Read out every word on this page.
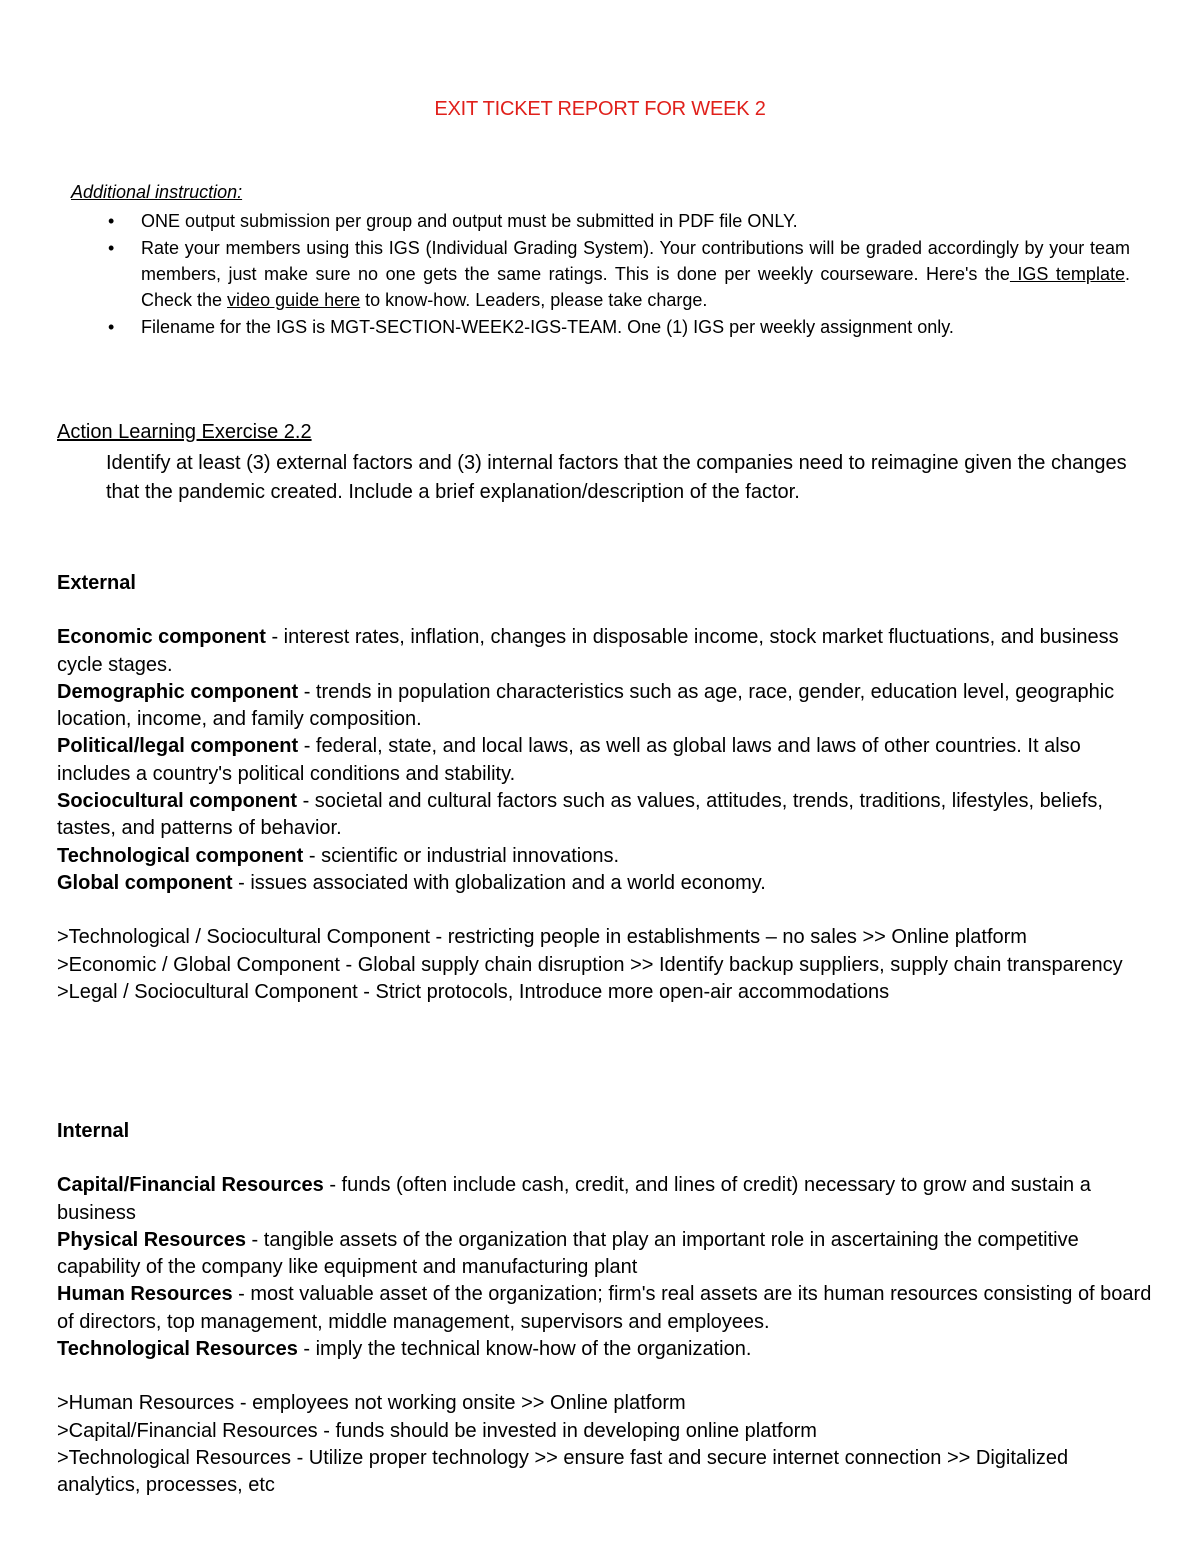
EXIT TICKET REPORT FOR WEEK 2
Additional instruction:
• ONE output submission per group and output must be submitted in PDF file ONLY.
• Rate your members using this IGS (Individual Grading System). Your contributions will be graded accordingly by your team members, just make sure no one gets the same ratings. This is done per weekly courseware. Here's the IGS template. Check the video guide here to know-how. Leaders, please take charge.
• Filename for the IGS is MGT-SECTION-WEEK2-IGS-TEAM. One (1) IGS per weekly assignment only.
Action Learning Exercise 2.2
Identify at least (3) external factors and (3) internal factors that the companies need to reimagine given the changes that the pandemic created. Include a brief explanation/description of the factor.

External

Economic component - interest rates, inflation, changes in disposable income, stock market fluctuations, and business cycle stages.

Demographic component - trends in population characteristics such as age, race, gender, education level, geographic location, income, and family composition.

Political/legal component - federal, state, and local laws, as well as global laws and laws of other countries. It also includes a country's political conditions and stability.

Sociocultural component - societal and cultural factors such as values, attitudes, trends, traditions, lifestyles, beliefs, tastes, and patterns of behavior.

Technological component - scientific or industrial innovations.

Global component - issues associated with globalization and a world economy.

>Technological / Sociocultural Component - restricting people in establishments – no sales >> Online platform

>Economic / Global Component - Global supply chain disruption >> Identify backup suppliers, supply chain transparency

>Legal / Sociocultural Component - Strict protocols, Introduce more open-air accommodations

Internal

Capital/Financial Resources - funds (often include cash, credit, and lines of credit) necessary to grow and sustain a business

Physical Resources - tangible assets of the organization that play an important role in ascertaining the competitive capability of the company like equipment and manufacturing plant

Human Resources - most valuable asset of the organization; firm's real assets are its human resources consisting of board of directors, top management, middle management, supervisors and employees.

Technological Resources - imply the technical know-how of the organization.

>Human Resources - employees not working onsite >> Online platform

>Capital/Financial Resources - funds should be invested in developing online platform

>Technological Resources - Utilize proper technology >> ensure fast and secure internet connection >> Digitalized analytics, processes, etc
